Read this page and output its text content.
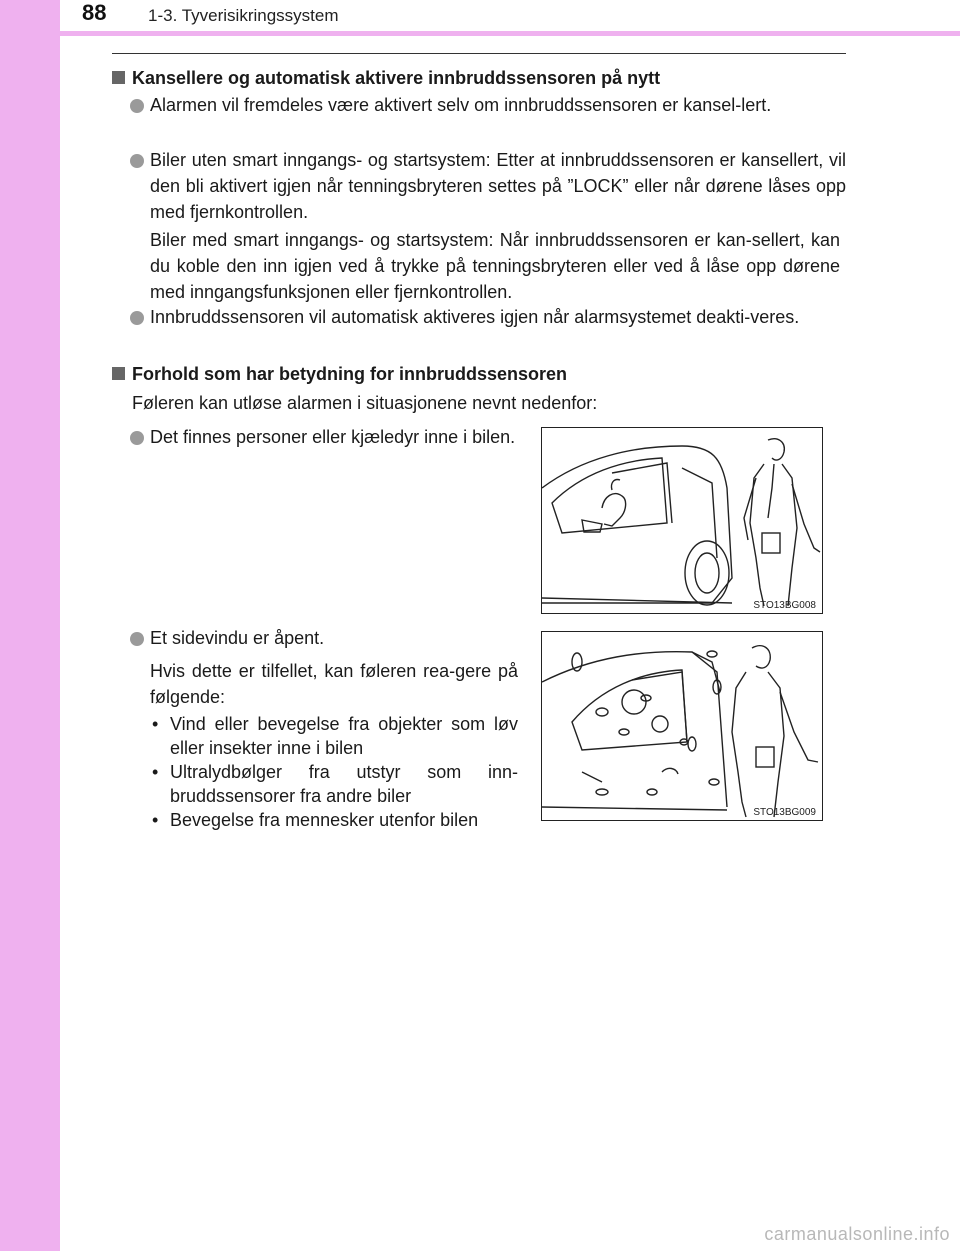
88 1-3. Tyverisikringssystem
Kansellere og automatisk aktivere innbruddssensoren på nytt
Alarmen vil fremdeles være aktivert selv om innbruddssensoren er kansel-lert.
Biler uten smart inngangs- og startsystem: Etter at innbruddssensoren er kansellert, vil den bli aktivert igjen når tenningsbryteren settes på ”LOCK” eller når dørene låses opp med fjernkontrollen.
Biler med smart inngangs- og startsystem: Når innbruddssensoren er kan-sellert, kan du koble den inn igjen ved å trykke på tenningsbryteren eller ved å låse opp dørene med inngangsfunksjonen eller fjernkontrollen.
Innbruddssensoren vil automatisk aktiveres igjen når alarmsystemet deakti-veres.
Forhold som har betydning for innbruddssensoren
Føleren kan utløse alarmen i situasjonene nevnt nedenfor:
Det finnes personer eller kjæledyr inne i bilen.
STO13BG008
Et sidevindu er åpent.
Hvis dette er tilfellet, kan føleren rea-gere på følgende:
• Vind eller bevegelse fra objekter som løv eller insekter inne i bilen
• Ultralydbølger fra utstyr som inn-bruddssensorer fra andre biler
• Bevegelse fra mennesker utenfor bilen	STO13BG009
carmanualsonline.info
